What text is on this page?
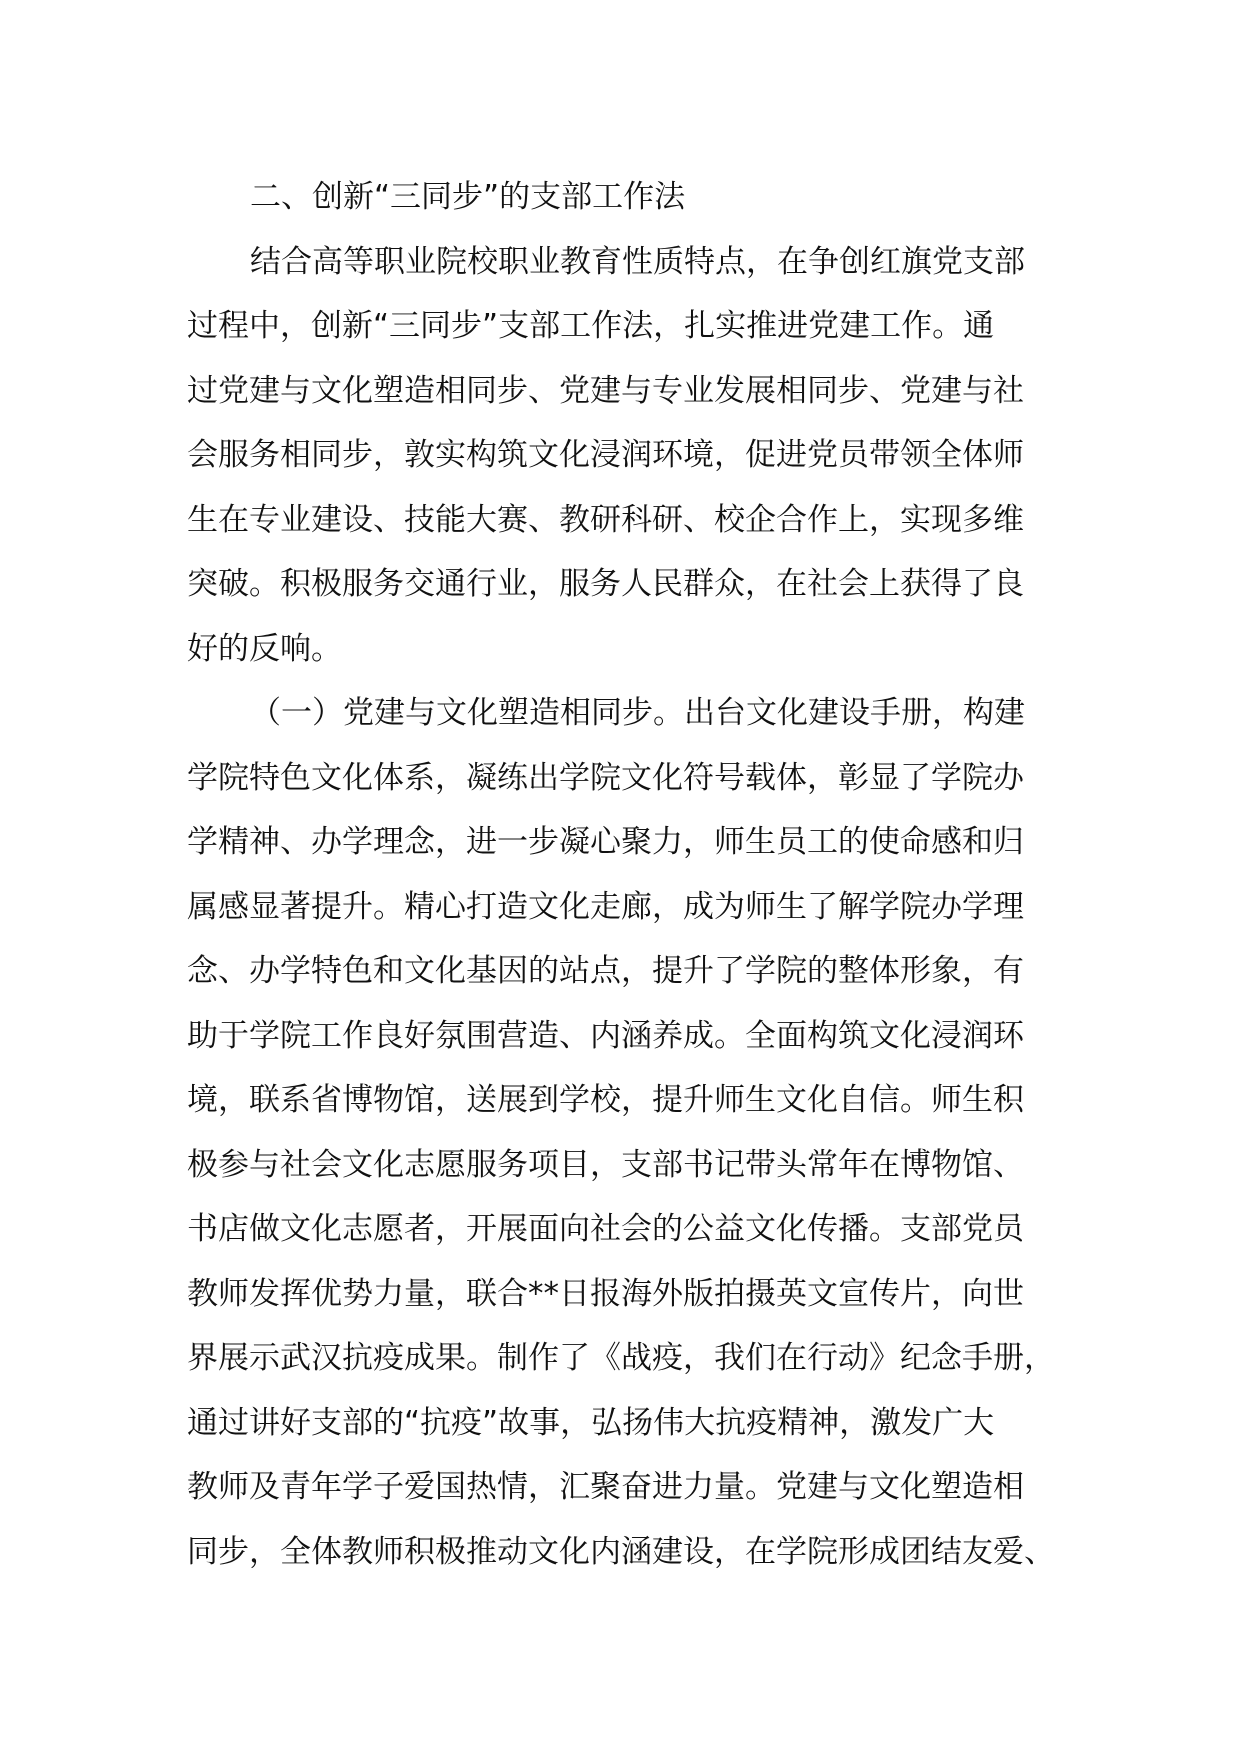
二、创新“三同步”的支部工作法
结合高等职业院校职业教育性质特点，在争创红旗党支部
过程中，创新“三同步”支部工作法，扎实推进党建工作。通
过党建与文化塑造相同步、党建与专业发展相同步、党建与社
会服务相同步，敦实构筑文化浸润环境，促进党员带领全体师
生在专业建设、技能大赛、教研科研、校企合作上，实现多维
突破。积极服务交通行业，服务人民群众，在社会上获得了良
好的反响。
（一）党建与文化塑造相同步。出台文化建设手册，构建
学院特色文化体系，凝练出学院文化符号载体，彰显了学院办
学精神、办学理念，进一步凝心聚力，师生员工的使命感和归
属感显著提升。精心打造文化走廊，成为师生了解学院办学理
念、办学特色和文化基因的站点，提升了学院的整体形象，有
助于学院工作良好氛围营造、内涵养成。全面构筑文化浸润环
境，联系省博物馆，送展到学校，提升师生文化自信。师生积
极参与社会文化志愿服务项目，支部书记带头常年在博物馆、
书店做文化志愿者，开展面向社会的公益文化传播。支部党员
教师发挥优势力量，联合**日报海外版拍摄英文宣传片，向世
界展示武汉抗疫成果。制作了《战疫，我们在行动》纪念手册，
通过讲好支部的“抗疫”故事，弘扬伟大抗疫精神，激发广大
教师及青年学子爱国热情，汇聚奋进力量。党建与文化塑造相
同步，全体教师积极推动文化内涵建设，在学院形成团结友爱、
